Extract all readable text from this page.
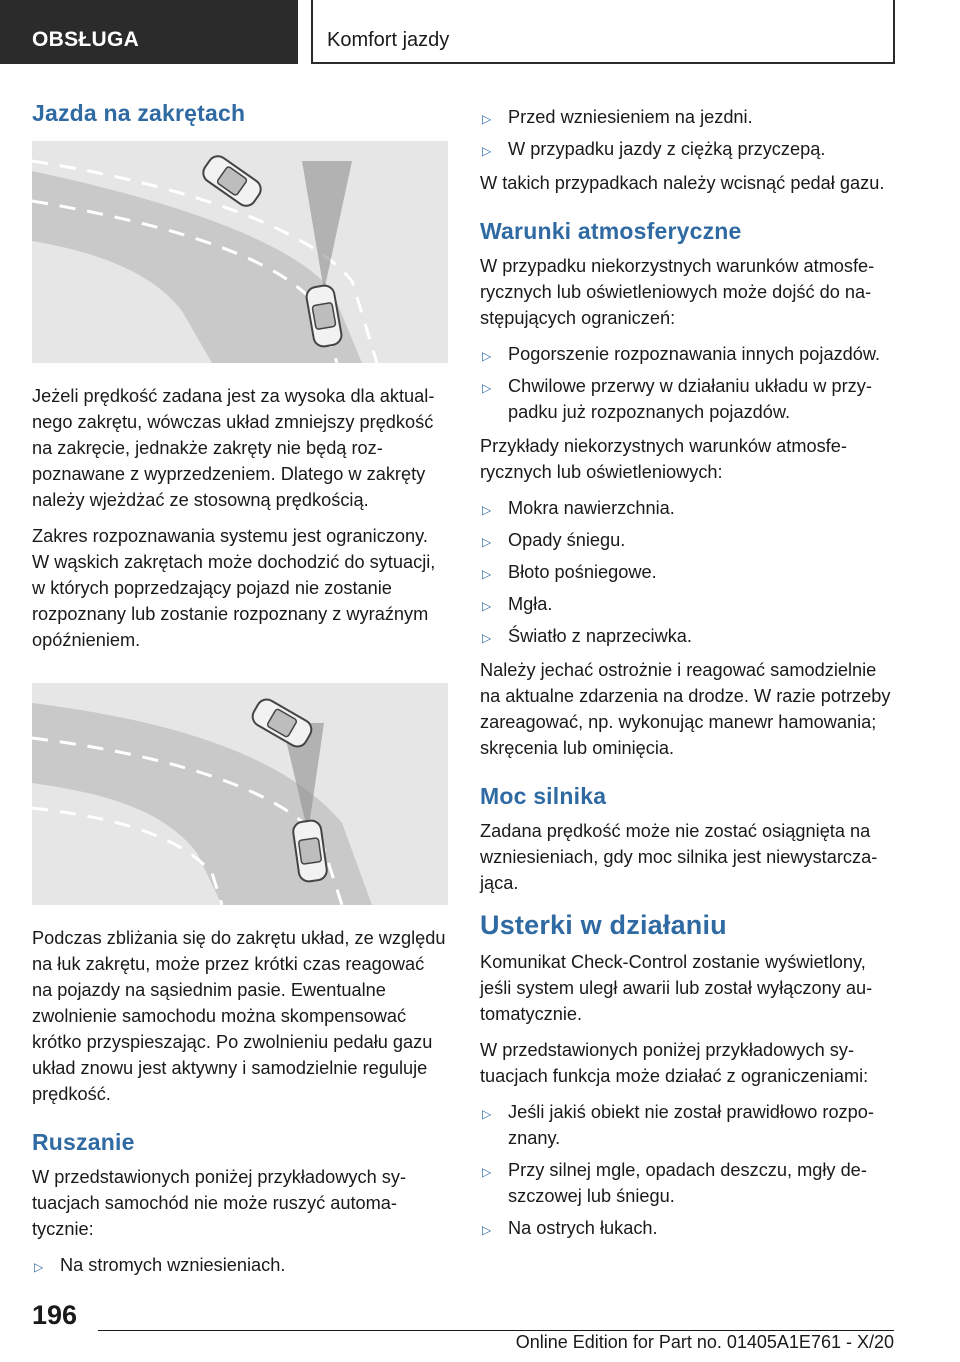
OBSŁUGA	Komfort jazdy
Jazda na zakrętach

Jeżeli prędkość zadana jest za wysoka dla aktualnego zakrętu, wówczas układ zmniejszy prędkość na zakręcie, jednakże zakręty nie będą rozpoznawane z wyprzedzeniem. Dlatego w zakręty należy wjeżdżać ze stosowną prędkością.

Zakres rozpoznawania systemu jest ograniczony. W wąskich zakrętach może dochodzić do sytuacji, w których poprzedzający pojazd nie zostanie rozpoznany lub zostanie rozpoznany z wyraźnym opóźnieniem.

Podczas zbliżania się do zakrętu układ, ze względu na łuk zakrętu, może przez krótki czas reagować na pojazdy na sąsiednim pasie. Ewentualne zwolnienie samochodu można skompensować krótko przyspieszając. Po zwolnieniu pedału gazu układ znowu jest aktywny i samodzielnie reguluje prędkość.

Ruszanie

W przedstawionych poniżej przykładowych sytuacjach samochód nie może ruszyć automatycznie:

▷ Na stromych wzniesieniach.
▷ Przed wzniesieniem na jezdni.
▷ W przypadku jazdy z ciężką przyczepą.

W takich przypadkach należy wcisnąć pedał gazu.

Warunki atmosferyczne

W przypadku niekorzystnych warunków atmosferycznych lub oświetleniowych może dojść do następujących ograniczeń:

▷ Pogorszenie rozpoznawania innych pojazdów.
▷ Chwilowe przerwy w działaniu układu w przypadku już rozpoznanych pojazdów.

Przykłady niekorzystnych warunków atmosferycznych lub oświetleniowych:

▷ Mokra nawierzchnia.
▷ Opady śniegu.
▷ Błoto pośniegowe.
▷ Mgła.
▷ Światło z naprzeciwka.

Należy jechać ostrożnie i reagować samodzielnie na aktualne zdarzenia na drodze. W razie potrzeby zareagować, np. wykonując manewr hamowania; skręcenia lub ominięcia.

Moc silnika

Zadana prędkość może nie zostać osiągnięta na wzniesieniach, gdy moc silnika jest niewystarczająca.

Usterki w działaniu

Komunikat Check-Control zostanie wyświetlony, jeśli system uległ awarii lub został wyłączony automatycznie.

W przedstawionych poniżej przykładowych sytuacjach funkcja może działać z ograniczeniami:

▷ Jeśli jakiś obiekt nie został prawidłowo rozpoznany.
▷ Przy silnej mgle, opadach deszczu, mgły deszczowej lub śniegu.
▷ Na ostrych łukach.
196
Online Edition for Part no. 01405A1E761 - X/20
